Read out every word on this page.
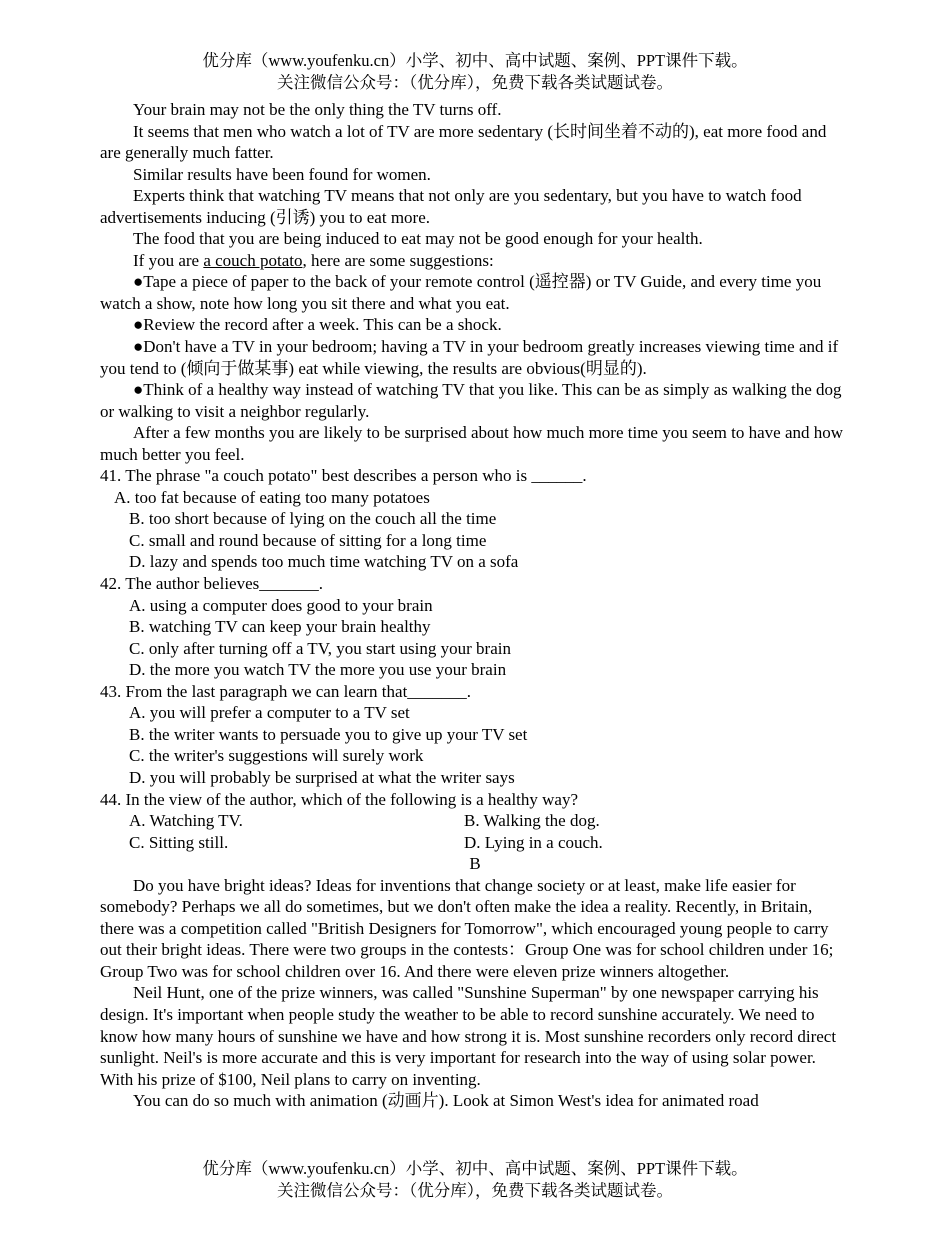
优分库（www.youfenku.cn）小学、初中、高中试题、案例、PPT课件下载。
关注微信公众号：（优分库），免费下载各类试题试卷。

Your brain may not be the only thing the TV turns off.

It seems that men who watch a lot of TV are more sedentary (长时间坐着不动的), eat more food and are generally much fatter.

Similar results have been found for women.

Experts think that watching TV means that not only are you sedentary, but you have to watch food advertisements inducing (引诱) you to eat more.

The food that you are being induced to eat may not be good enough for your health.

If you are a couch potato, here are some suggestions:

●Tape a piece of paper to the back of your remote control (遥控器) or TV Guide, and every time you watch a show, note how long you sit there and what you eat.

●Review the record after a week. This can be a shock.

●Don't have a TV in your bedroom; having a TV in your bedroom greatly increases viewing time and if you tend to (倾向于做某事) eat while viewing, the results are obvious(明显的).

●Think of a healthy way instead of watching TV that you like. This can be as simply as walking the dog or walking to visit a neighbor regularly.

After a few months you are likely to be surprised about how much more time you seem to have and how much better you feel.

41. The phrase "a couch potato" best describes a person who is ______.

A. too fat because of eating too many potatoes

B. too short because of lying on the couch all the time

C. small and round because of sitting for a long time

D. lazy and spends too much time watching TV on a sofa

42. The author believes_______.

A. using a computer does good to your brain

B. watching TV can keep your brain healthy

C. only after turning off a TV, you start using your brain

D. the more you watch TV the more you use your brain

43. From the last paragraph we can learn that_______.

A. you will prefer a computer to a TV set

B. the writer wants to persuade you to give up your TV set

C. the writer's suggestions will surely work

D. you will probably be surprised at what the writer says

44. In the view of the author, which of the following is a healthy way?

A. Watching TV.	B. Walking the dog.
C. Sitting still.	D. Lying in a couch.

B

Do you have bright ideas? Ideas for inventions that change society or at least, make life easier for somebody? Perhaps we all do sometimes, but we don't often make the idea a reality. Recently, in Britain, there was a competition called "British Designers for Tomorrow", which encouraged young people to carry out their bright ideas. There were two groups in the contests：Group One was for school children under 16; Group Two was for school children over 16. And there were eleven prize winners altogether.

Neil Hunt, one of the prize winners, was called "Sunshine Superman" by one newspaper carrying his design. It's important when people study the weather to be able to record sunshine accurately. We need to know how many hours of sunshine we have and how strong it is. Most sunshine recorders only record direct sunlight. Neil's is more accurate and this is very important for research into the way of using solar power. With his prize of $100, Neil plans to carry on inventing.

You can do so much with animation (动画片). Look at Simon West's idea for animated road

优分库（www.youfenku.cn）小学、初中、高中试题、案例、PPT课件下载。
关注微信公众号：（优分库），免费下载各类试题试卷。
